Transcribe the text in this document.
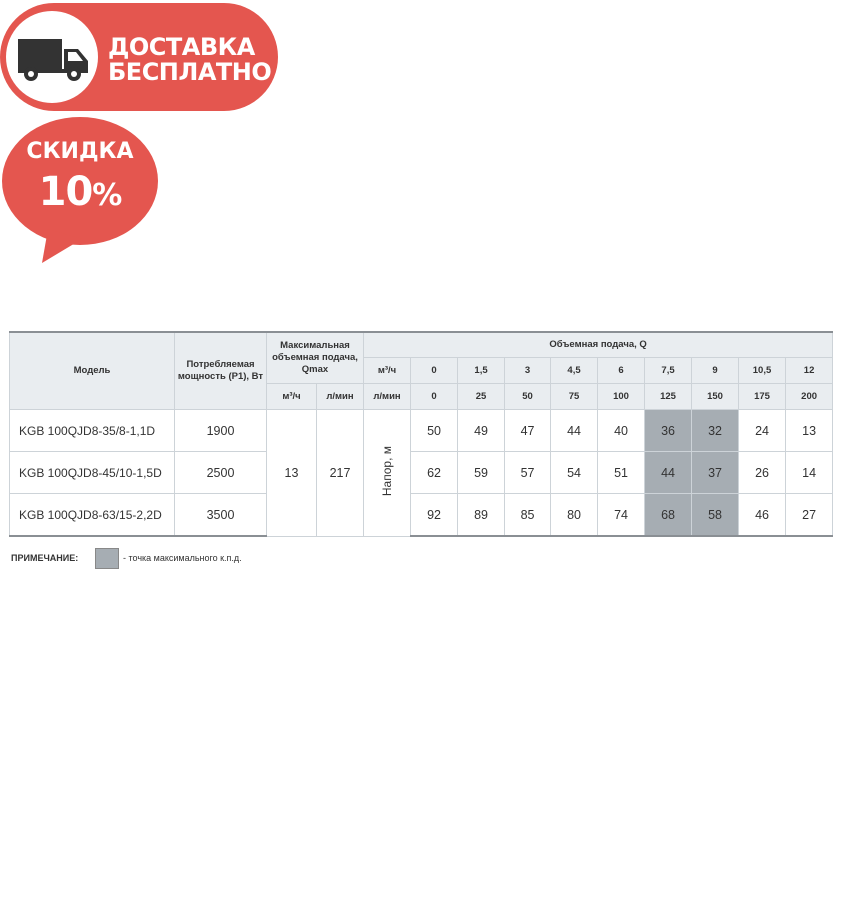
ДОСТАВКА
БЕСПЛАТНО
СКИДКА
10%
Модель	Потребляемая мощность (P1), Вт	Максимальная объемная подача, Qmax		Объемная подача, Q									
				м³/ч	0	1,5	3	4,5	6	7,5	9	10,5	12
		м³/ч	л/мин	л/мин	0	25	50	75	100	125	150	175	200
KGB 100QJD8-35/8-1,1D	1900	13	217	Напор, м	50	49	47	44	40	36	32	24	13
KGB 100QJD8-45/10-1,5D	2500				62	59	57	54	51	44	37	26	14
KGB 100QJD8-63/15-2,2D	3500				92	89	85	80	74	68	58	46	27
ПРИМЕЧАНИЕ:	- точка максимального к.п.д.
